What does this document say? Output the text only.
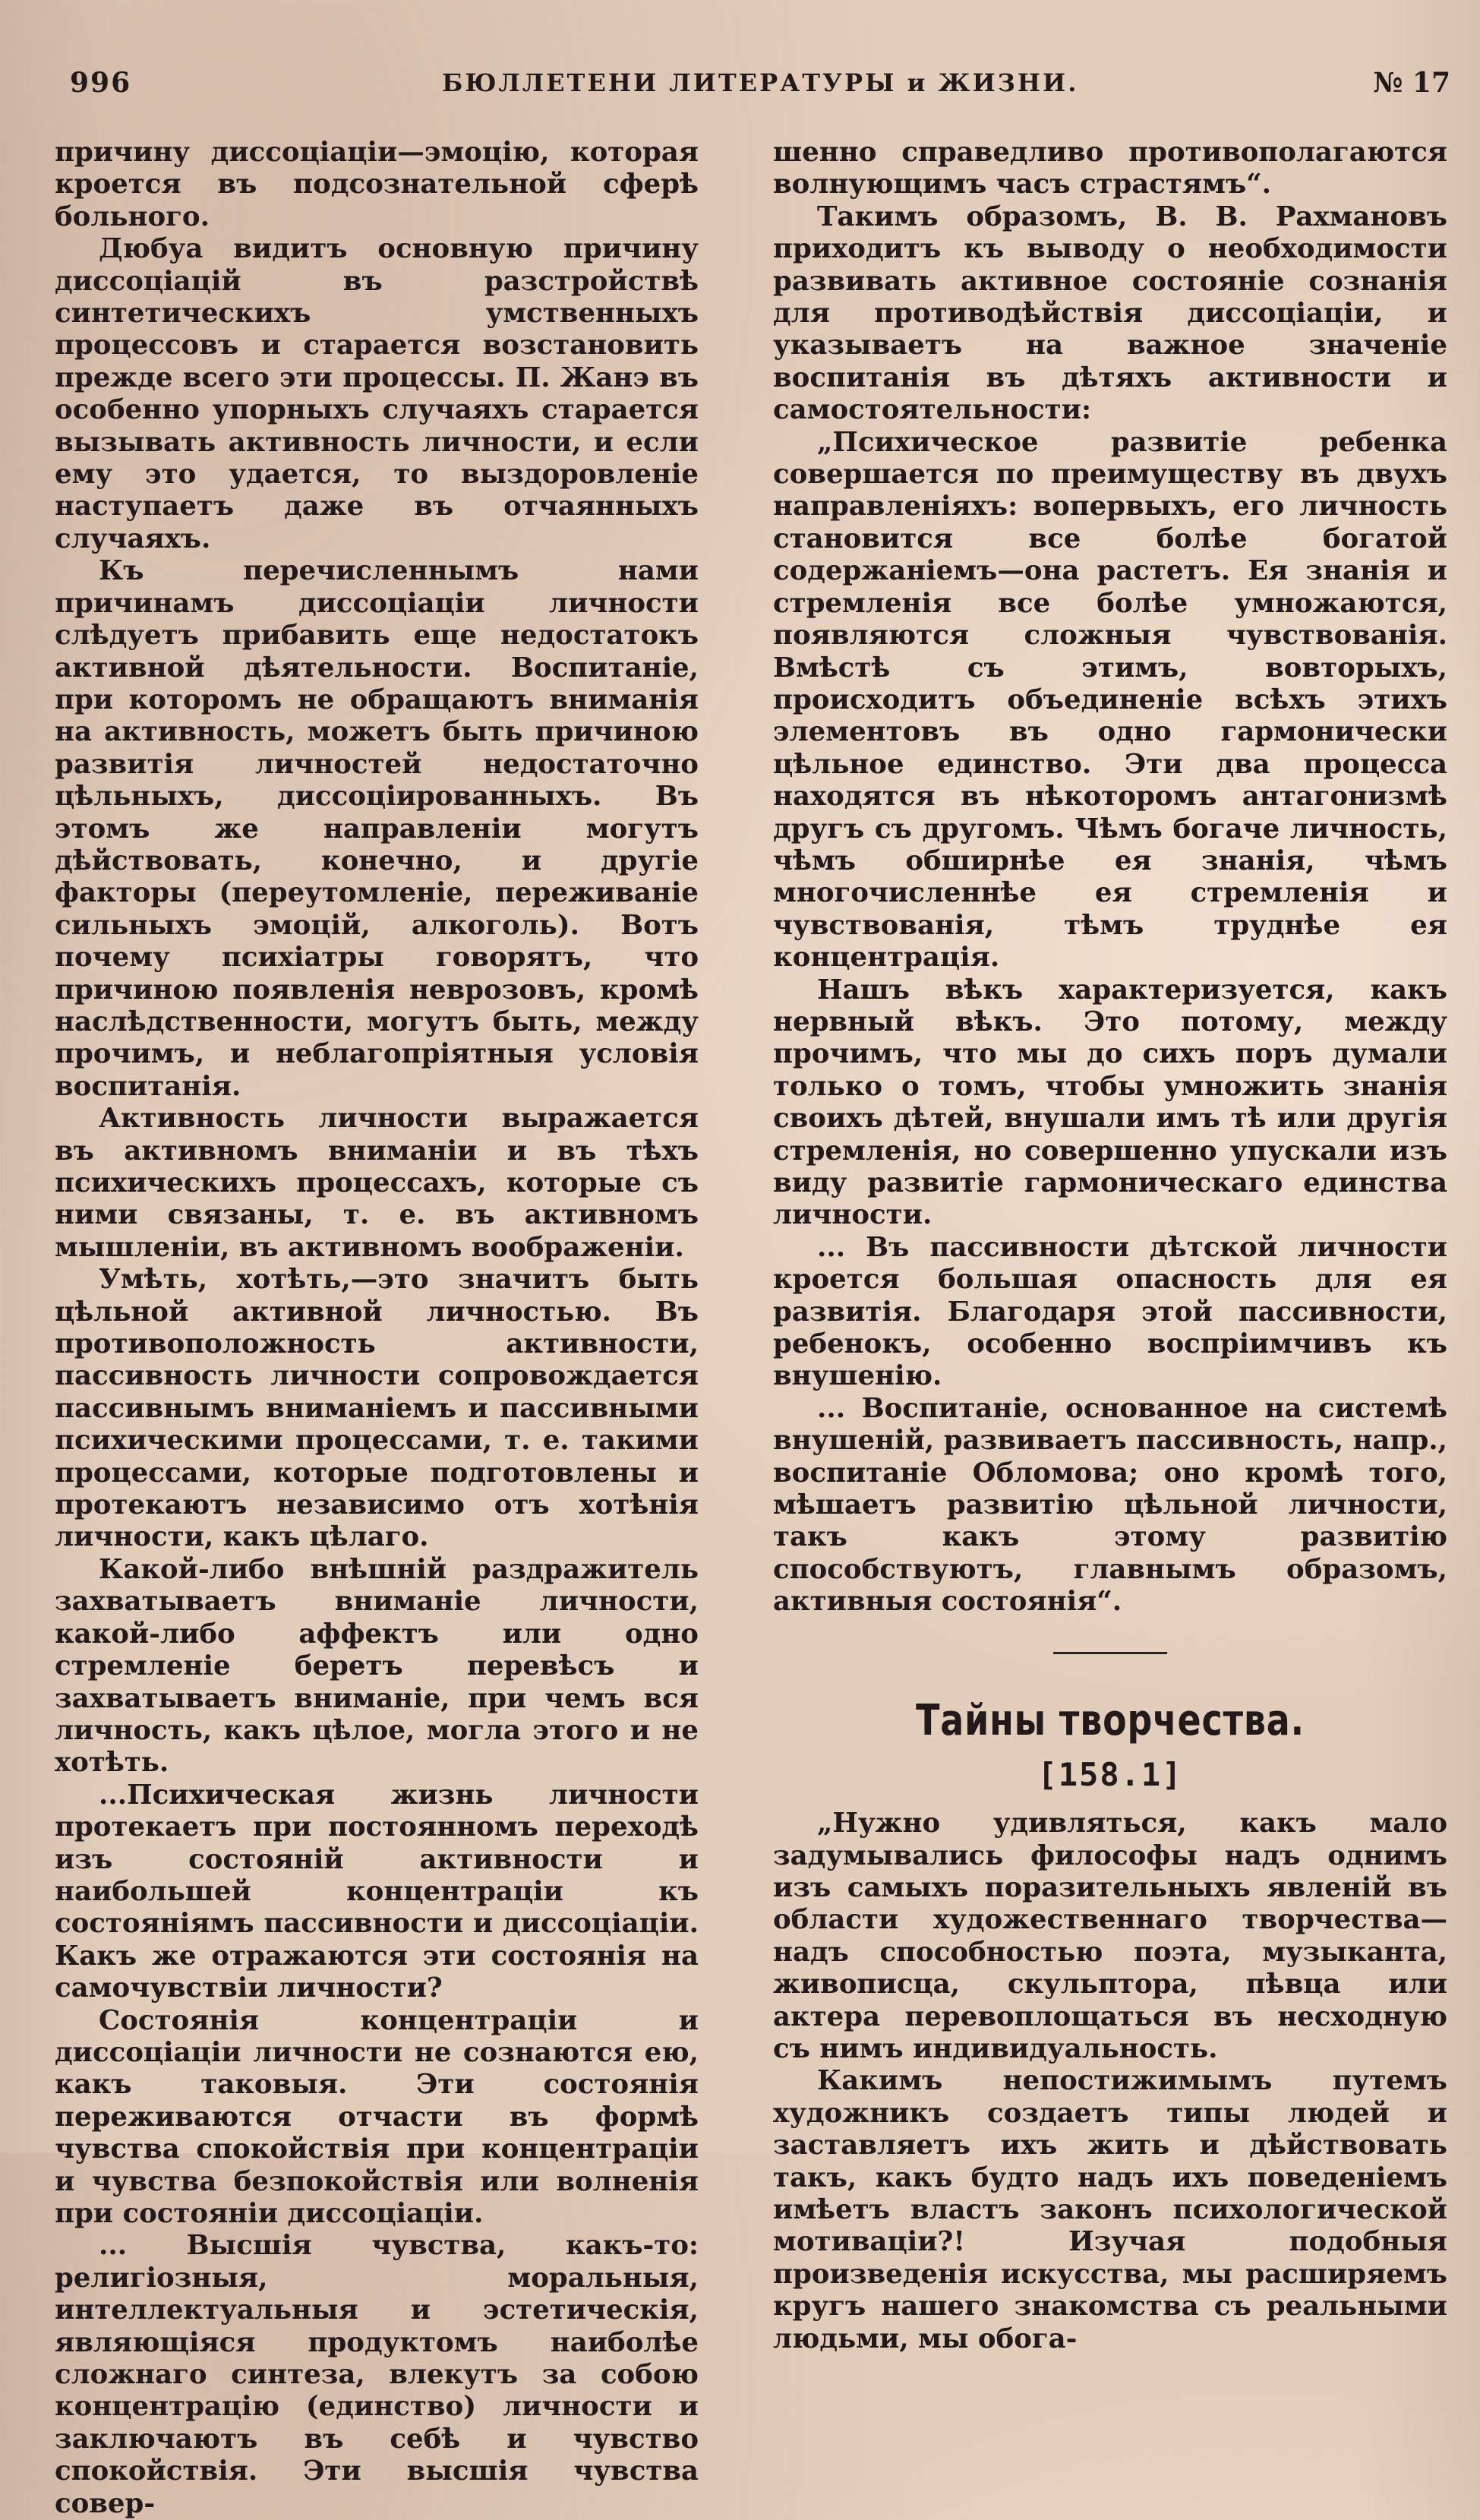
996	БЮЛЛЕТЕНИ ЛИТЕРАТУРЫ и ЖИЗНИ.	№ 17

причину диссоціаціи—эмоцію, которая кроется въ подсознательной сферѣ больного.

Дюбуа видитъ основную причину диссоціацій въ разстройствѣ синтетическихъ умственныхъ процессовъ и старается возстановить прежде всего эти процессы. П. Жанэ въ особенно упорныхъ случаяхъ старается вызывать активность личности, и если ему это удается, то выздоровленіе наступаетъ даже въ отчаянныхъ случаяхъ.

Къ перечисленнымъ нами причинамъ диссоціаціи личности слѣдуетъ прибавить еще недостатокъ активной дѣятельности. Воспитаніе, при которомъ не обращаютъ вниманія на активность, можетъ быть причиною развитія личностей недостаточно цѣльныхъ, диссоціированныхъ. Въ этомъ же направленіи могутъ дѣйствовать, конечно, и другіе факторы (переутомленіе, переживаніе сильныхъ эмоцій, алкоголь). Вотъ почему психіатры говорятъ, что причиною появленія неврозовъ, кромѣ наслѣдственности, могутъ быть, между прочимъ, и неблагопріятныя условія воспитанія.

Активность личности выражается въ активномъ вниманіи и въ тѣхъ психическихъ процессахъ, которые съ ними связаны, т. е. въ активномъ мышленіи, въ активномъ воображеніи.

Умѣть, хотѣть,—это значитъ быть цѣльной активной личностью. Въ противоположность активности, пассивность личности сопровождается пассивнымъ вниманіемъ и пассивными психическими процессами, т. е. такими процессами, которые подготовлены и протекаютъ независимо отъ хотѣнія личности, какъ цѣлаго.

Какой-либо внѣшній раздражитель захватываетъ вниманіе личности, какой-либо аффектъ или одно стремленіе беретъ перевѣсъ и захватываетъ вниманіе, при чемъ вся личность, какъ цѣлое, могла этого и не хотѣть.

...Психическая жизнь личности протекаетъ при постоянномъ переходѣ изъ состояній активности и наибольшей концентраціи къ состояніямъ пассивности и диссоціаціи. Какъ же отражаются эти состоянія на самочувствіи личности?

Состоянія концентраціи и диссоціаціи личности не сознаются ею, какъ таковыя. Эти состоянія переживаются отчасти въ формѣ чувства спокойствія при концентраціи и чувства безпокойствія или волненія при состояніи диссоціаціи.

... Высшія чувства, какъ-то: религіозныя, моральныя, интеллектуальныя и эстетическія, являющіяся продуктомъ наиболѣе сложнаго синтеза, влекутъ за собою концентрацію (единство) личности и заключаютъ въ себѣ и чувство спокойствія. Эти высшія чувства совер-

шенно справедливо противополагаются волнующимъ часъ страстямъ“.

Такимъ образомъ, В. В. Рахмановъ приходитъ къ выводу о необходимости развивать активное состояніе сознанія для противодѣйствія диссоціаціи, и указываетъ на важное значеніе воспитанія въ дѣтяхъ активности и самостоятельности:

„Психическое развитіе ребенка совершается по преимуществу въ двухъ направленіяхъ: вопервыхъ, его личность становится все болѣе богатой содержаніемъ—она растетъ. Ея знанія и стремленія все болѣе умножаются, появляются сложныя чувствованія. Вмѣстѣ съ этимъ, вовторыхъ, происходитъ объединеніе всѣхъ этихъ элементовъ въ одно гармонически цѣльное единство. Эти два процесса находятся въ нѣкоторомъ антагонизмѣ другъ съ другомъ. Чѣмъ богаче личность, чѣмъ обширнѣе ея знанія, чѣмъ многочисленнѣе ея стремленія и чувствованія, тѣмъ труднѣе ея концентрація.

Нашъ вѣкъ характеризуется, какъ нервный вѣкъ. Это потому, между прочимъ, что мы до сихъ поръ думали только о томъ, чтобы умножить знанія своихъ дѣтей, внушали имъ тѣ или другія стремленія, но совершенно упускали изъ виду развитіе гармоническаго единства личности.

... Въ пассивности дѣтской личности кроется большая опасность для ея развитія. Благодаря этой пассивности, ребенокъ, особенно воспріимчивъ къ внушенію.

... Воспитаніе, основанное на системѣ внушеній, развиваетъ пассивность, напр., воспитаніе Обломова; оно кромѣ того, мѣшаетъ развитію цѣльной личности, такъ какъ этому развитію способствуютъ, главнымъ образомъ, активныя состоянія“.

Тайны творчества.
[158.1]

„Нужно удивляться, какъ мало задумывались философы надъ однимъ изъ самыхъ поразительныхъ явленій въ области художественнаго творчества—надъ способностью поэта, музыканта, живописца, скульптора, пѣвца или актера перевоплощаться въ несходную съ нимъ индивидуальность.

Какимъ непостижимымъ путемъ художникъ создаетъ типы людей и заставляетъ ихъ жить и дѣйствовать такъ, какъ будто надъ ихъ поведеніемъ имѣетъ властъ законъ психологической мотиваціи?! Изучая подобныя произведенія искусства, мы расширяемъ кругъ нашего знакомства съ реальными людьми, мы обога-
